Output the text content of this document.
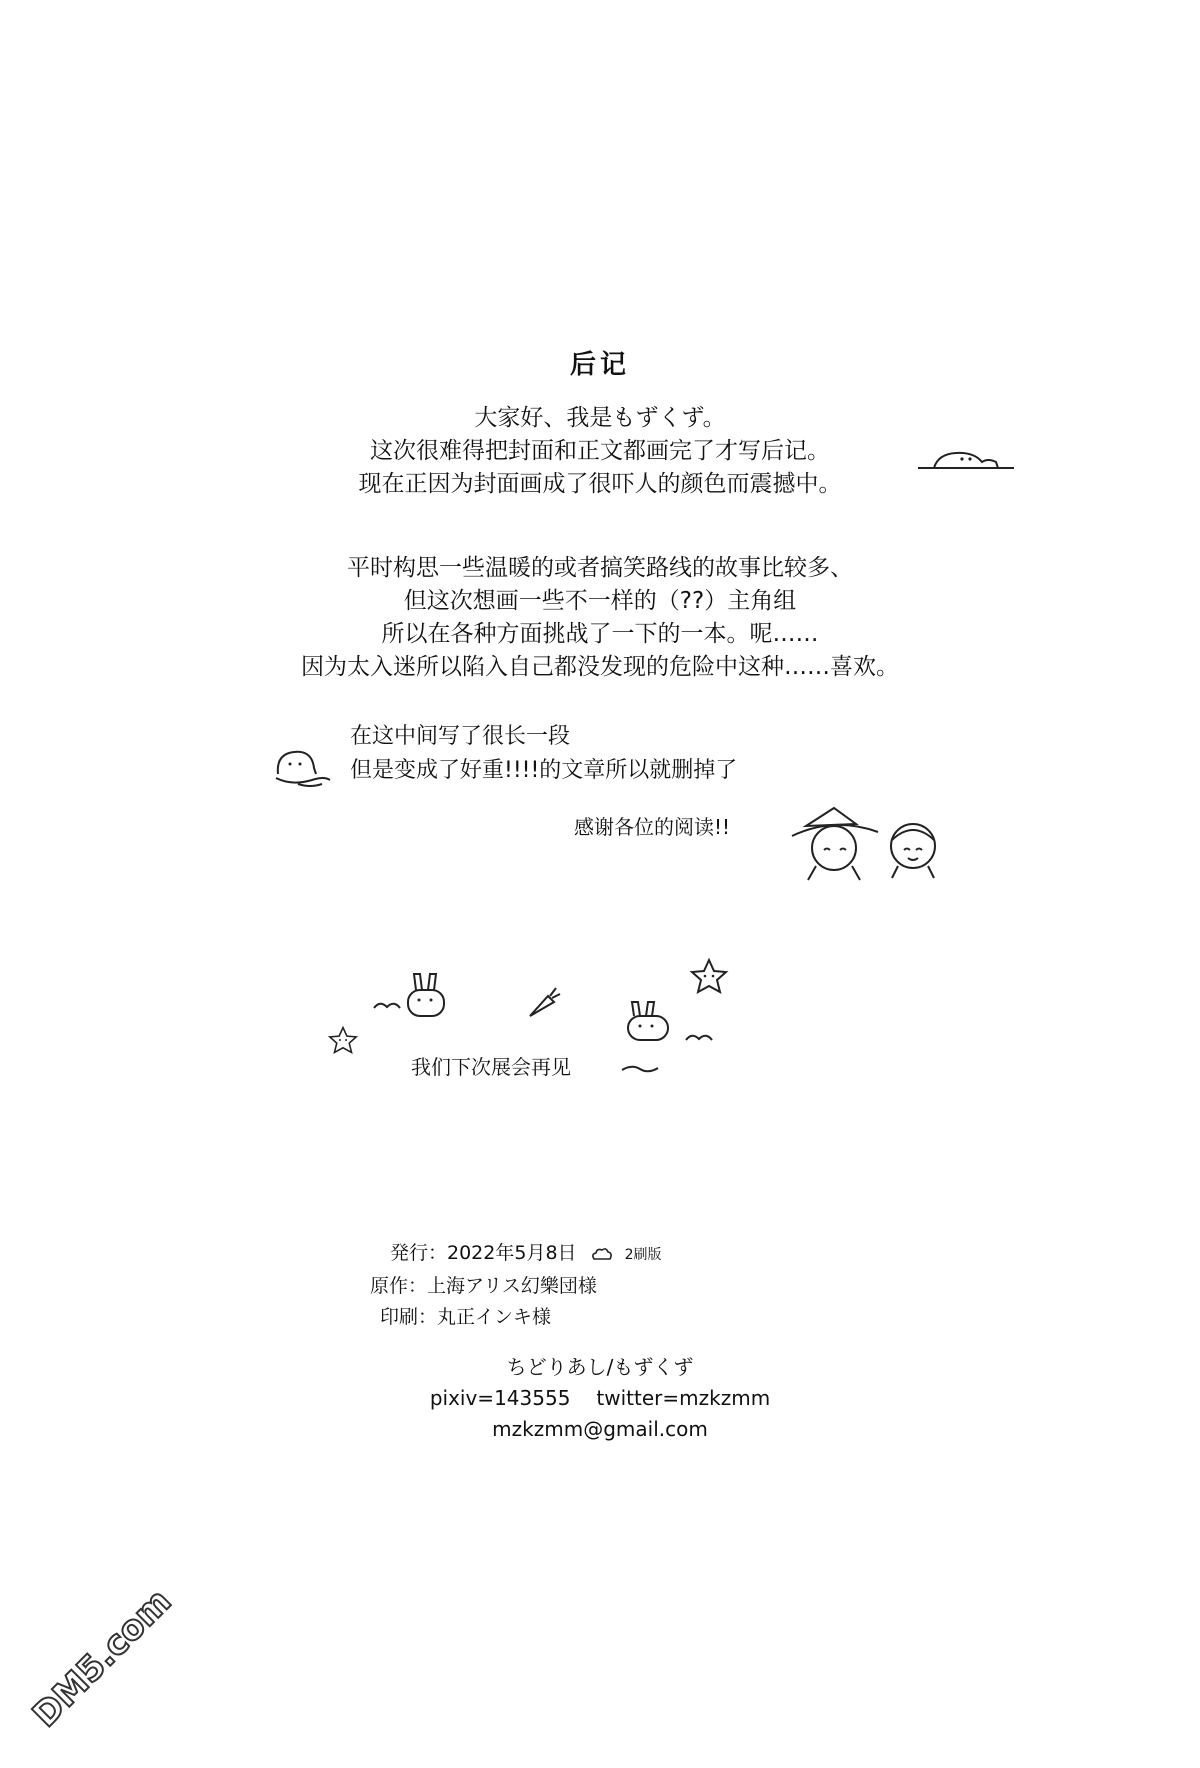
后记
大家好、我是もずくず。
这次很难得把封面和正文都画完了才写后记。
现在正因为封面画成了很吓人的颜色而震撼中。
平时构思一些温暖的或者搞笑路线的故事比较多、
但这次想画一些不一样的（??）主角组
所以在各种方面挑战了一下的一本。呢……
因为太入迷所以陷入自己都没发现的危险中这种……喜欢。
在这中间写了很长一段
但是变成了好重!!!!的文章所以就删掉了
感谢各位的阅读!!
我们下次展会再见
発行：2022年5月8日	2刷版
原作：上海アリス幻樂団様
印刷：丸正インキ様
ちどりあし/もずくず
pixiv=143555 twitter=mzkzmm
mzkzmm@gmail.com
DM5.com
